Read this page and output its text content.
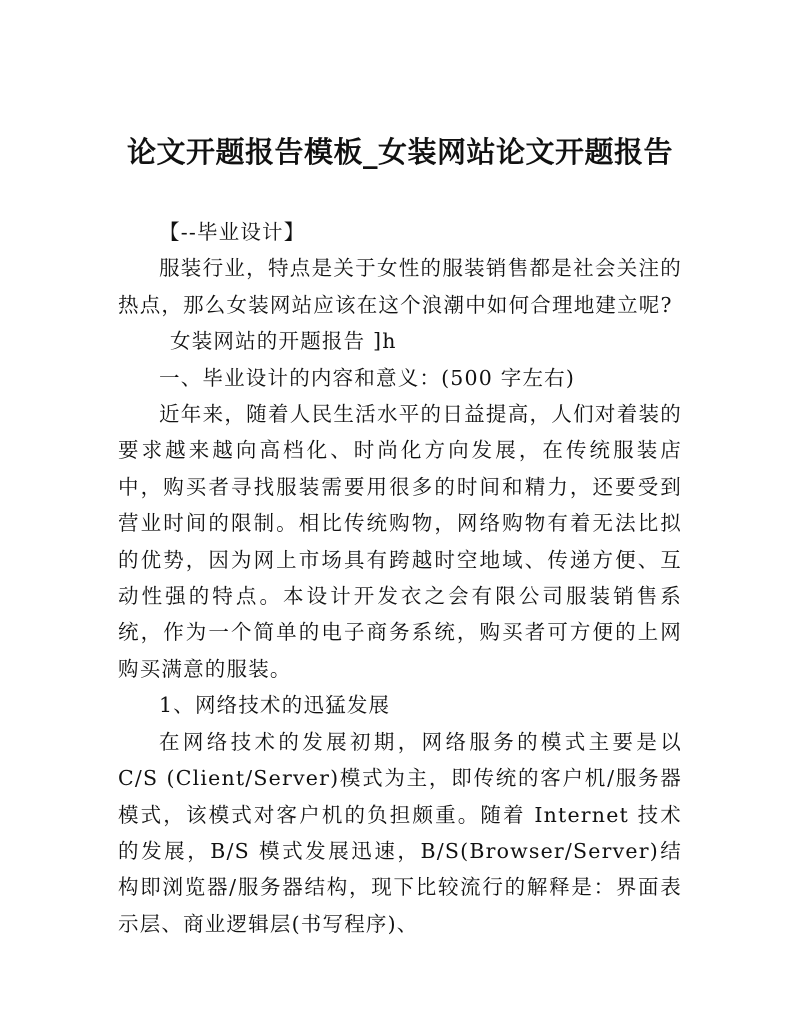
论文开题报告模板_女装网站论文开题报告

【--毕业设计】

服装行业，特点是关于女性的服装销售都是社会关注的热点，那么女装网站应该在这个浪潮中如何合理地建立呢?

女装网站的开题报告 ]h

一、毕业设计的内容和意义：(500 字左右)

近年来，随着人民生活水平的日益提高，人们对着装的要求越来越向高档化、时尚化方向发展，在传统服装店中，购买者寻找服装需要用很多的时间和精力，还要受到营业时间的限制。相比传统购物，网络购物有着无法比拟的优势，因为网上市场具有跨越时空地域、传递方便、互动性强的特点。本设计开发衣之会有限公司服装销售系统，作为一个简单的电子商务系统，购买者可方便的上网购买满意的服装。

1、网络技术的迅猛发展

在网络技术的发展初期，网络服务的模式主要是以 C/S (Client/Server)模式为主，即传统的客户机/服务器模式，该模式对客户机的负担颇重。随着 Internet 技术的发展，B/S 模式发展迅速，B/S(Browser/Server)结构即浏览器/服务器结构，现下比较流行的解释是：界面表示层、商业逻辑层(书写程序)、
